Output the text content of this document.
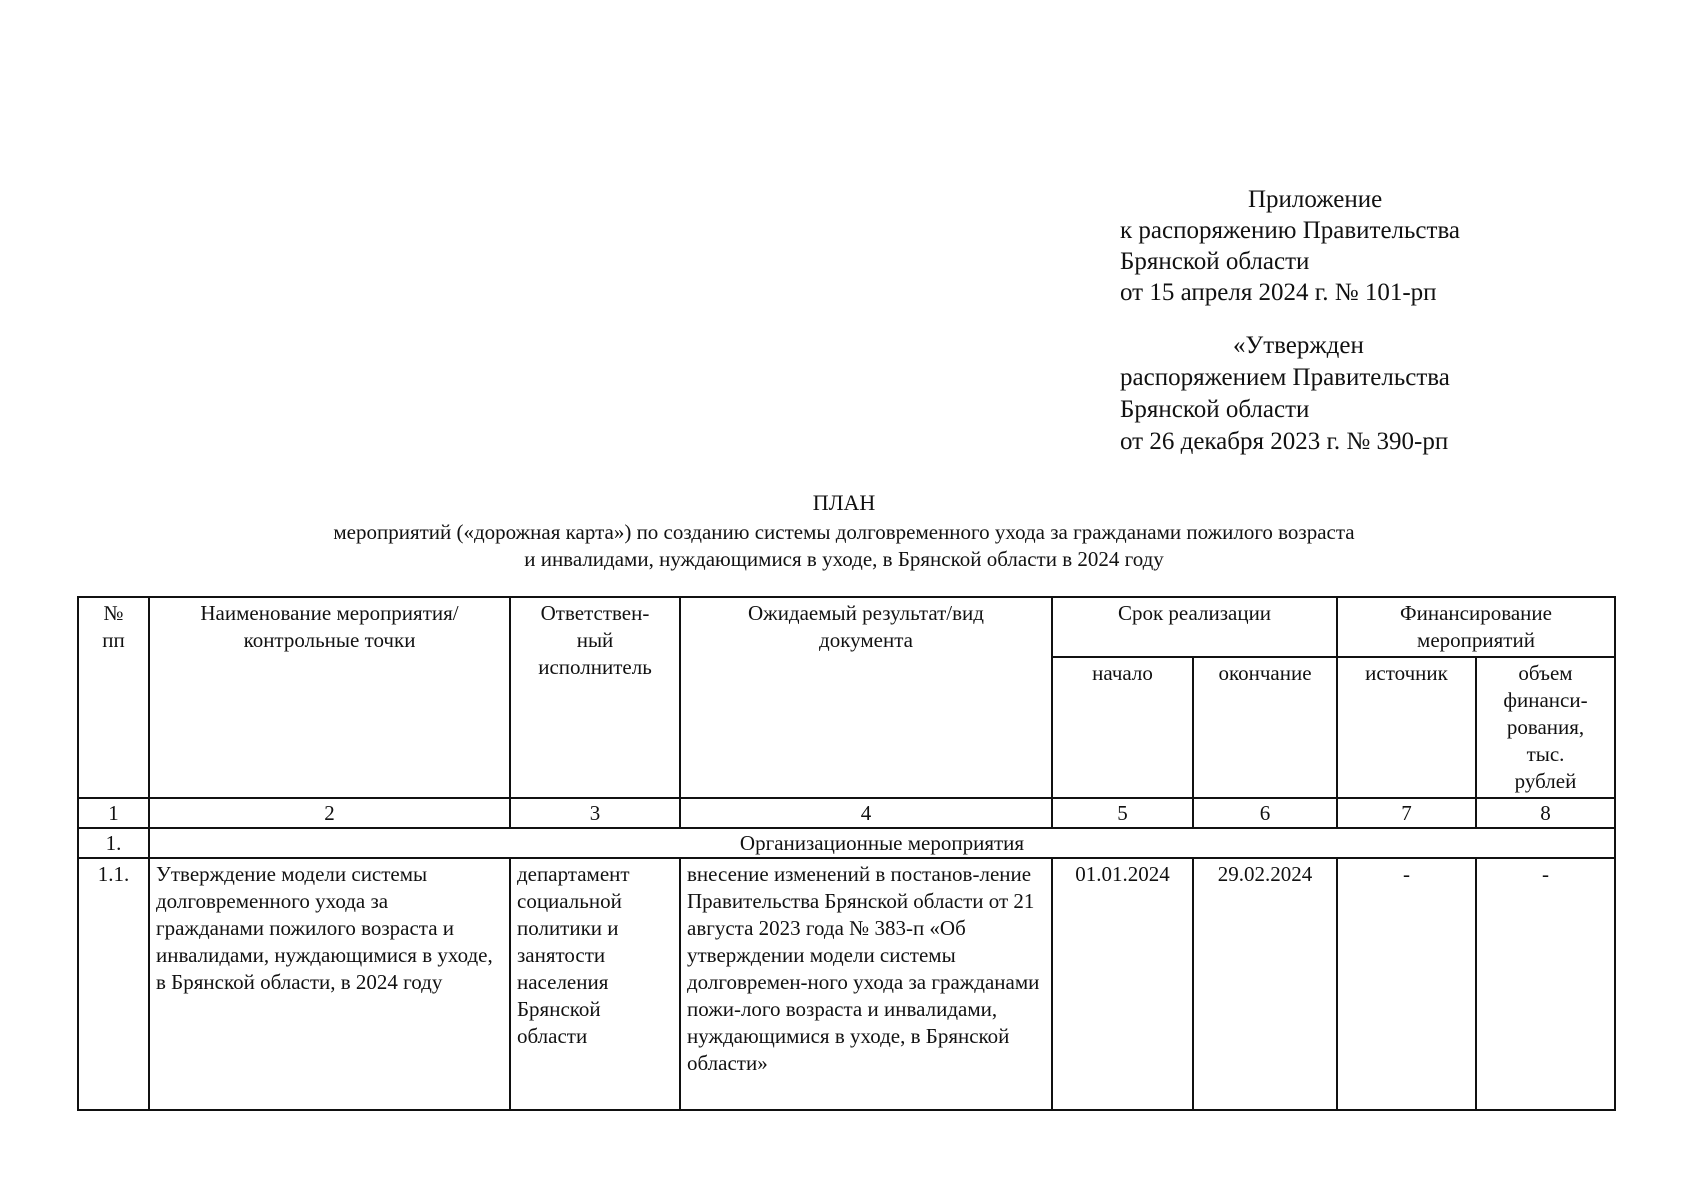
Приложение
к распоряжению Правительства
Брянской области
от 15 апреля 2024 г. № 101-рп
«Утвержден
распоряжением Правительства
Брянской области
от 26 декабря 2023 г. № 390-рп
ПЛАН
мероприятий («дорожная карта») по созданию системы долговременного ухода за гражданами пожилого возраста
и инвалидами, нуждающимися в уходе, в Брянской области в 2024 году
№ пп	Наименование мероприятия/ контрольные точки	Ответствен-ный исполнитель	Ожидаемый результат/вид документа	Срок реализации		Финансирование мероприятий	

				начало	окончание	источник	объем финанси-рования, тыс. рублей

1	2	3	4	5	6	7	8
1.	Организационные мероприятия						
1.1.	Утверждение модели системы долговременного ухода за гражданами пожилого возраста и инвалидами, нуждающимися в уходе, в Брянской области, в 2024 году	департамент социальной политики и занятости населения Брянской области	внесение изменений в постанов-ление Правительства Брянской области от 21 августа 2023 года № 383-п «Об утверждении модели системы долговремен-ного ухода за гражданами пожи-лого возраста и инвалидами, нуждающимися в уходе, в Брянской области»	01.01.2024	29.02.2024	-	-
